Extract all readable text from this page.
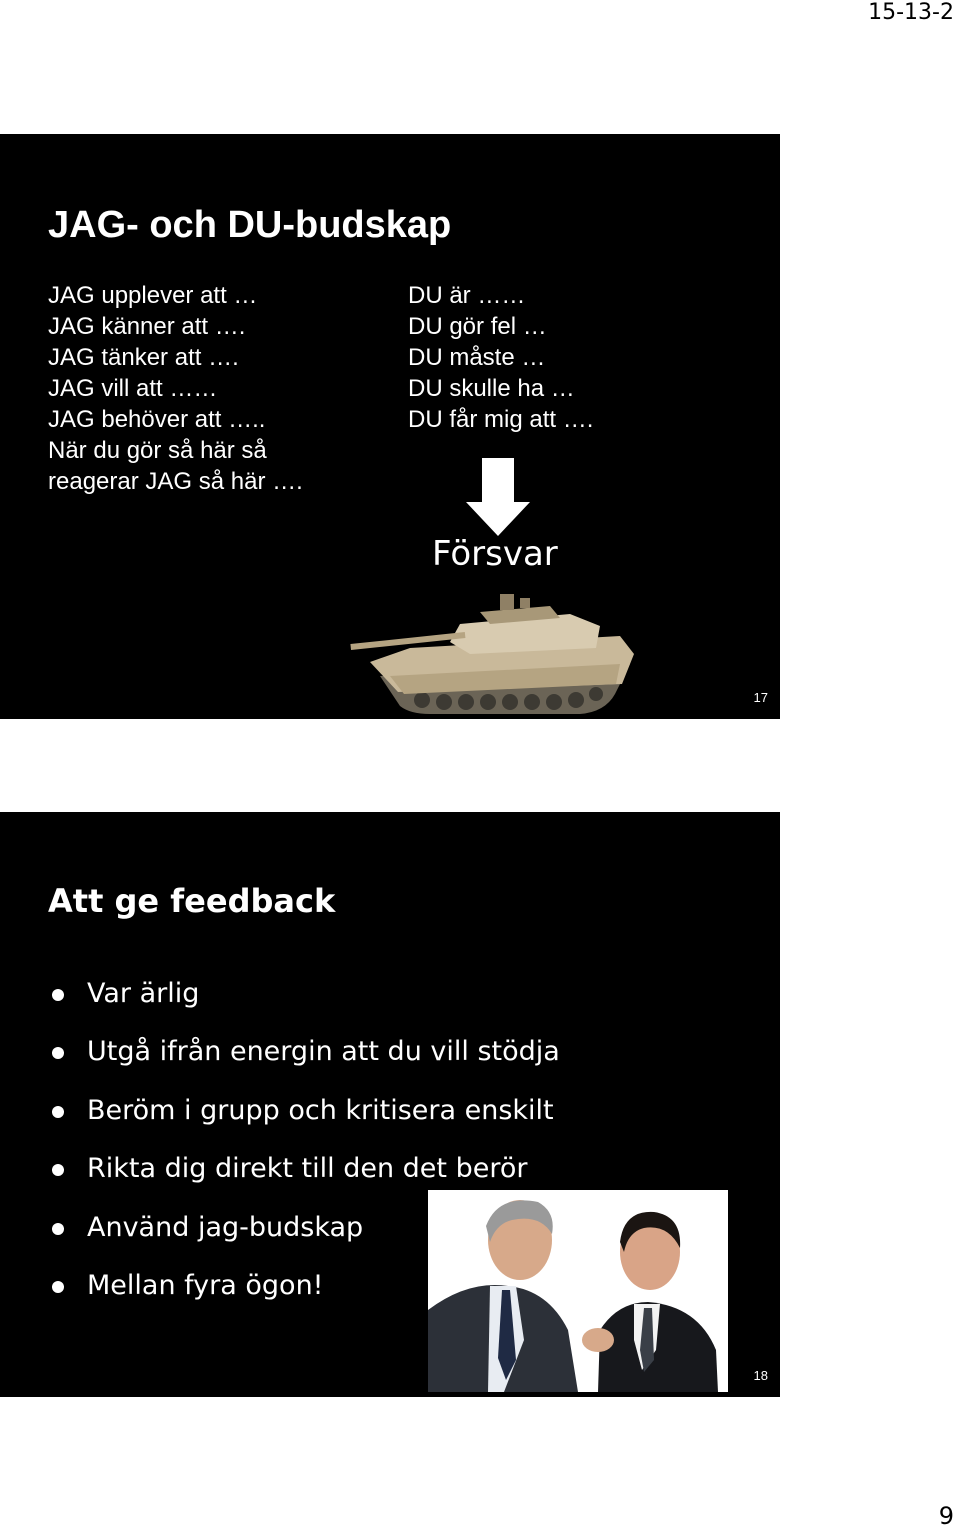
15-13-2
JAG- och DU-budskap
JAG upplever att …
JAG känner att ….
JAG tänker att ….
JAG vill att ……
JAG behöver att …..
När du gör så här så
reagerar JAG så här ….
DU är ……
DU gör fel …
DU måste …
DU skulle ha …
DU får mig att ….
Försvar
17
Att ge feedback
Var ärlig
Utgå ifrån energin att du vill stödja
Beröm i grupp och kritisera enskilt
Rikta dig direkt till den det berör
Använd jag-budskap
Mellan fyra ögon!
18
9
